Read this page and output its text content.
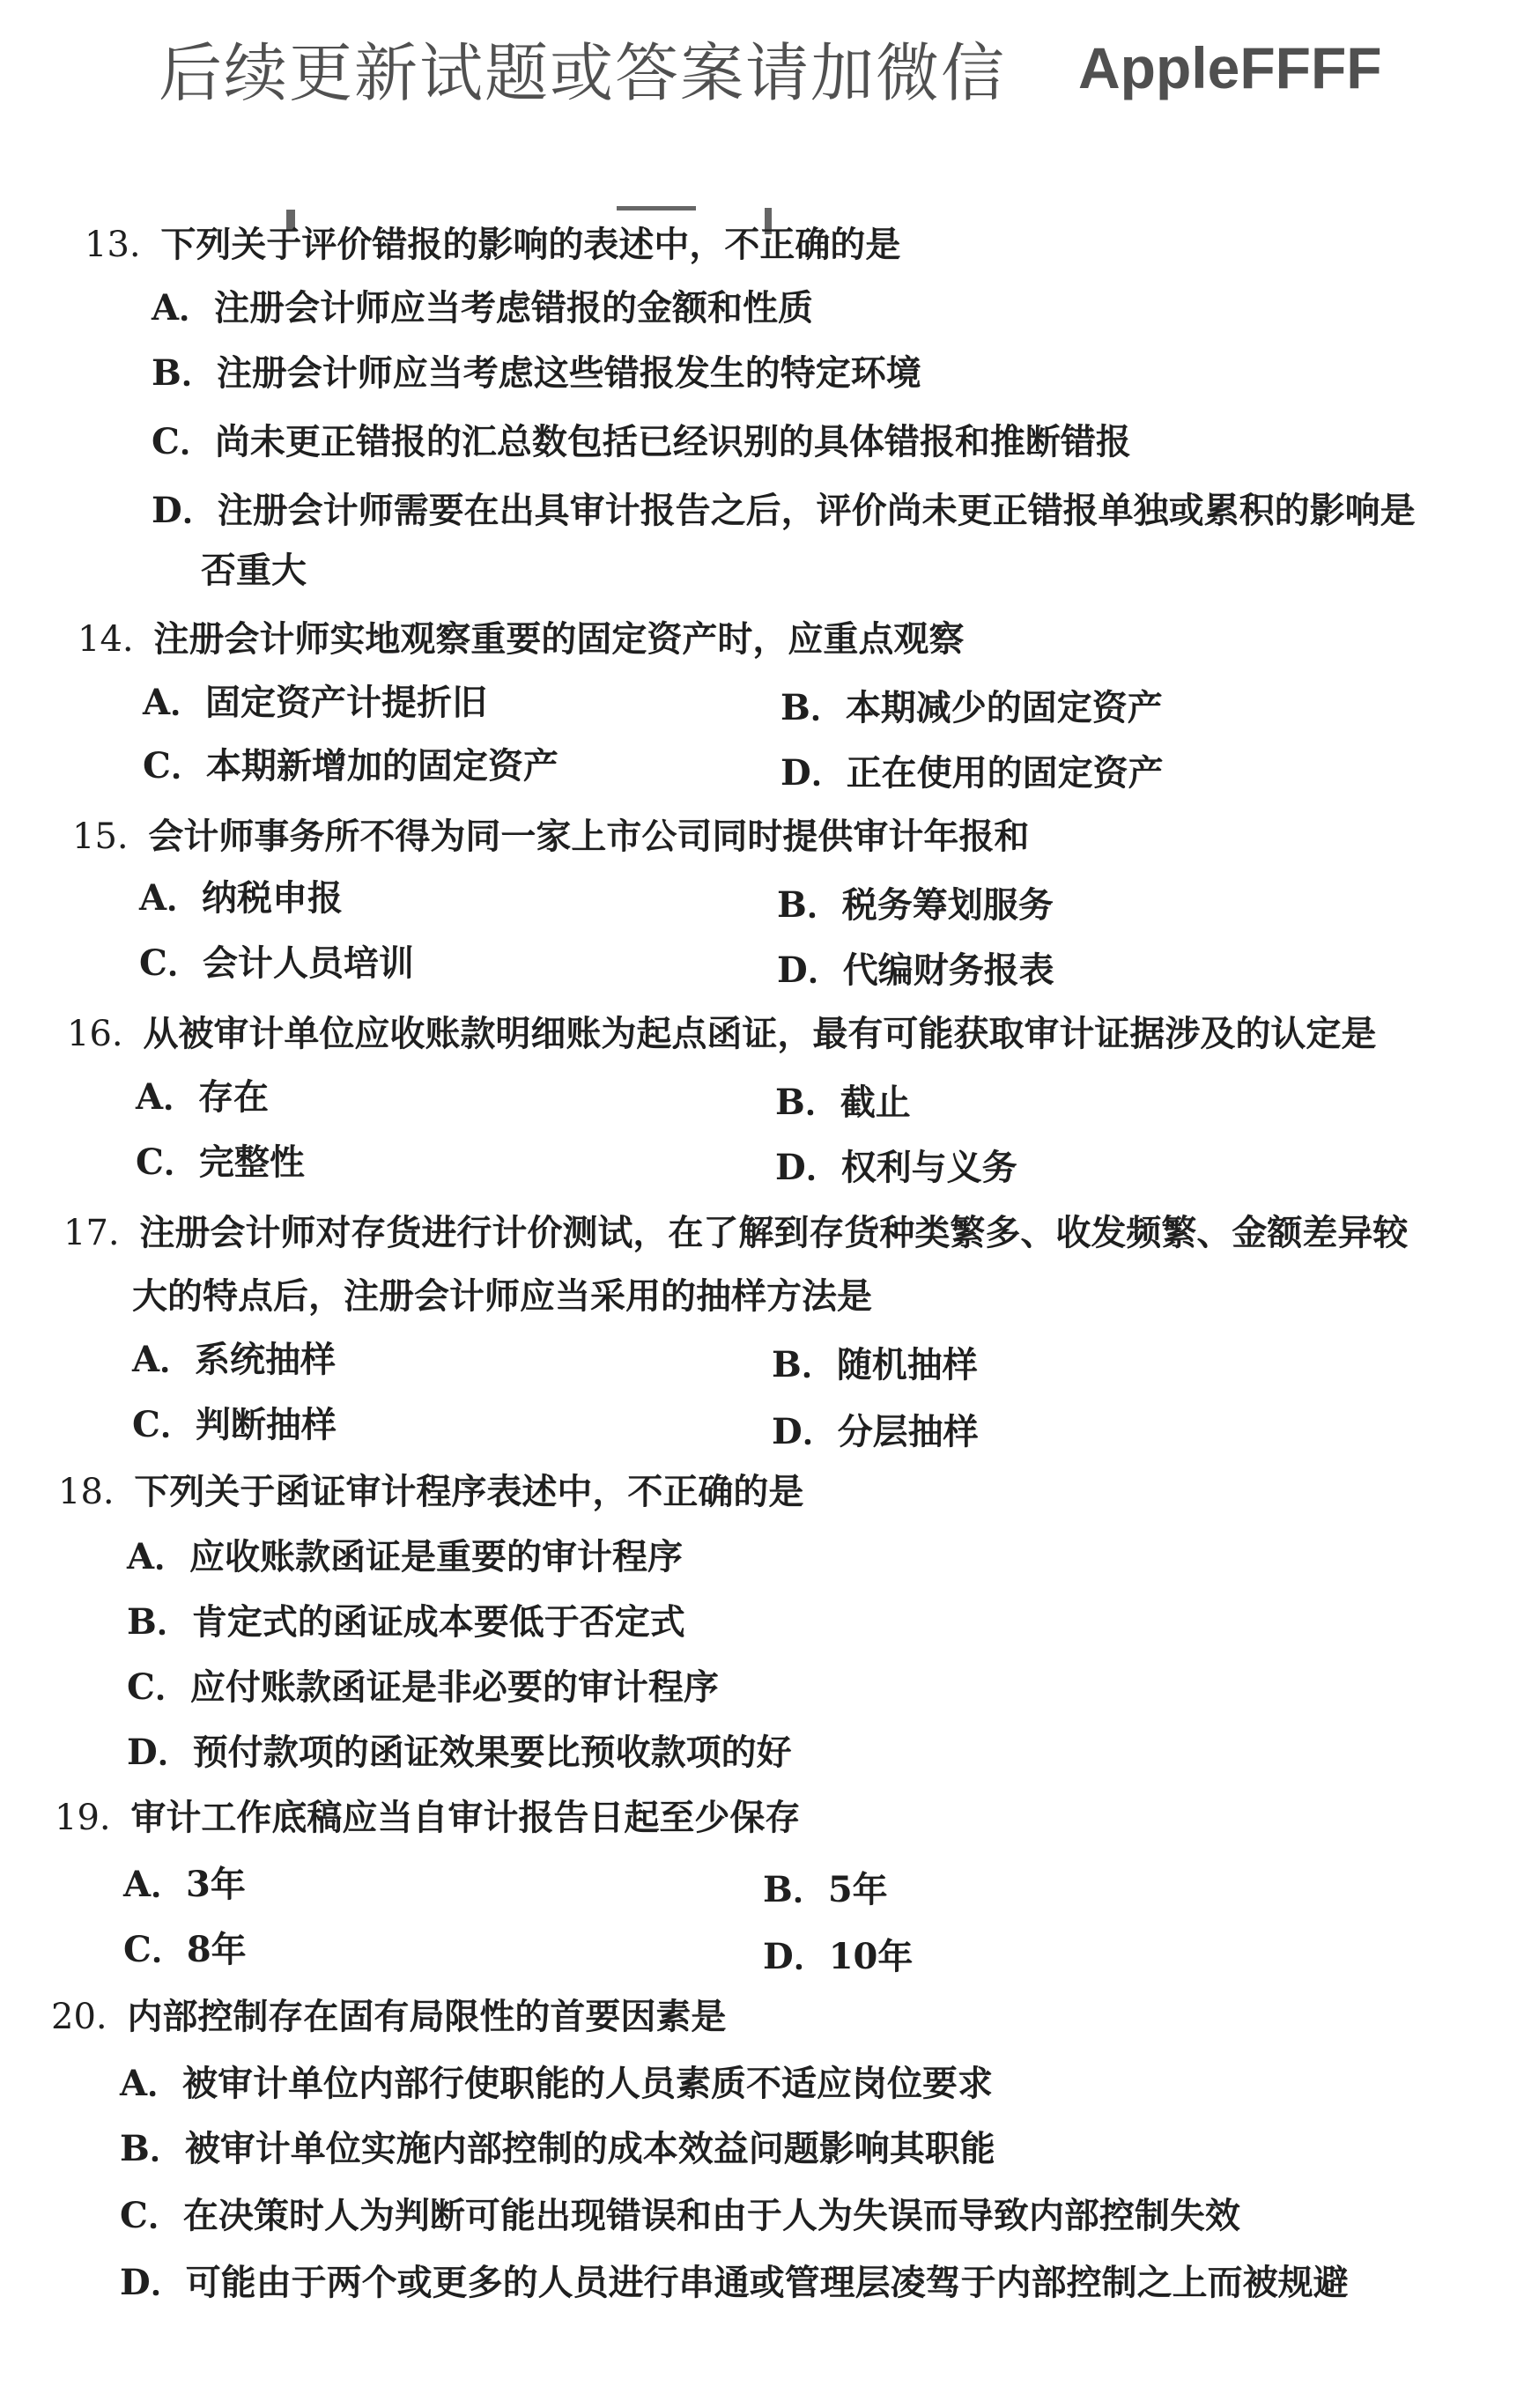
后续更新试题或答案请加微信 AppleFFFF
13. 下列关于评价错报的影响的表述中，不正确的是
A．注册会计师应当考虑错报的金额和性质
B．注册会计师应当考虑这些错报发生的特定环境
C．尚未更正错报的汇总数包括已经识别的具体错报和推断错报
D．注册会计师需要在出具审计报告之后，评价尚未更正错报单独或累积的影响是
否重大
14. 注册会计师实地观察重要的固定资产时，应重点观察
A．固定资产计提折旧	B．本期减少的固定资产
C．本期新增加的固定资产	D．正在使用的固定资产
15. 会计师事务所不得为同一家上市公司同时提供审计年报和
A．纳税申报	B．税务筹划服务
C．会计人员培训	D．代编财务报表
16. 从被审计单位应收账款明细账为起点函证，最有可能获取审计证据涉及的认定是
A．存在	B．截止
C．完整性	D．权利与义务
17. 注册会计师对存货进行计价测试，在了解到存货种类繁多、收发频繁、金额差异较
大的特点后，注册会计师应当采用的抽样方法是
A．系统抽样	B．随机抽样
C．判断抽样	D．分层抽样
18. 下列关于函证审计程序表述中，不正确的是
A．应收账款函证是重要的审计程序
B．肯定式的函证成本要低于否定式
C．应付账款函证是非必要的审计程序
D．预付款项的函证效果要比预收款项的好
19. 审计工作底稿应当自审计报告日起至少保存
A．3年	B．5年
C．8年	D．10年
20. 内部控制存在固有局限性的首要因素是
A．被审计单位内部行使职能的人员素质不适应岗位要求
B．被审计单位实施内部控制的成本效益问题影响其职能
C．在决策时人为判断可能出现错误和由于人为失误而导致内部控制失效
D．可能由于两个或更多的人员进行串通或管理层凌驾于内部控制之上而被规避
